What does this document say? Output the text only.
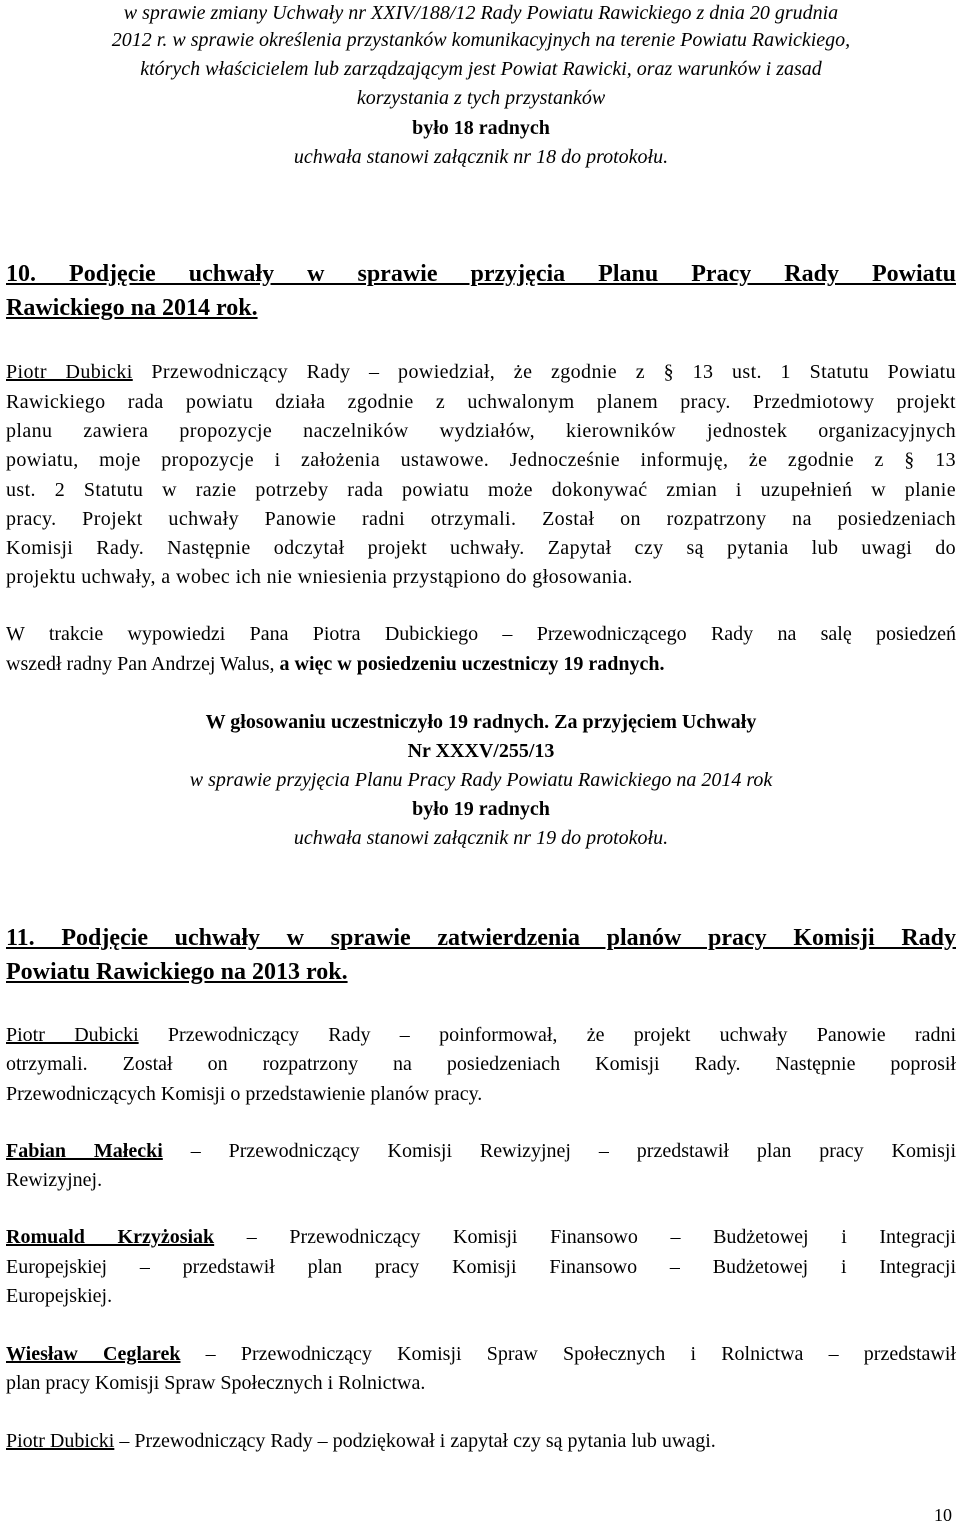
w sprawie zmiany Uchwały nr XXIV/188/12 Rady Powiatu Rawickiego z dnia 20 grudnia
2012 r. w sprawie określenia przystanków komunikacyjnych na terenie Powiatu Rawickiego,
których właścicielem lub zarządzającym jest Powiat Rawicki, oraz warunków i zasad
korzystania z tych przystanków
było 18 radnych
uchwała stanowi załącznik nr 18 do protokołu.
10. Podjęcie uchwały w sprawie przyjęcia Planu Pracy Rady Powiatu
Rawickiego na 2014 rok.
Piotr Dubicki Przewodniczący Rady – powiedział, że zgodnie z § 13 ust. 1 Statutu Powiatu
Rawickiego rada powiatu działa zgodnie z uchwalonym planem pracy. Przedmiotowy projekt
planu zawiera propozycje naczelników wydziałów, kierowników jednostek organizacyjnych
powiatu, moje propozycje i założenia ustawowe. Jednocześnie informuję, że zgodnie z § 13
ust. 2 Statutu w razie potrzeby rada powiatu może dokonywać zmian i uzupełnień w planie
pracy. Projekt uchwały Panowie radni otrzymali. Został on rozpatrzony na posiedzeniach
Komisji Rady. Następnie odczytał projekt uchwały. Zapytał czy są pytania lub uwagi do
projektu uchwały, a wobec ich nie wniesienia przystąpiono do głosowania.
W trakcie wypowiedzi Pana Piotra Dubickiego – Przewodniczącego Rady na salę posiedzeń
wszedł radny Pan Andrzej Walus, a więc w posiedzeniu uczestniczy 19 radnych.
W głosowaniu uczestniczyło 19 radnych. Za przyjęciem Uchwały
Nr XXXV/255/13
w sprawie przyjęcia Planu Pracy Rady Powiatu Rawickiego na 2014 rok
było 19 radnych
uchwała stanowi załącznik nr 19 do protokołu.
11. Podjęcie uchwały w sprawie zatwierdzenia planów pracy Komisji Rady
Powiatu Rawickiego na 2013 rok.
Piotr Dubicki Przewodniczący Rady – poinformował, że projekt uchwały Panowie radni
otrzymali. Został on rozpatrzony na posiedzeniach Komisji Rady. Następnie poprosił
Przewodniczących Komisji o przedstawienie planów pracy.
Fabian Małecki – Przewodniczący Komisji Rewizyjnej – przedstawił plan pracy Komisji
Rewizyjnej.
Romuald Krzyżosiak – Przewodniczący Komisji Finansowo – Budżetowej i Integracji
Europejskiej – przedstawił plan pracy Komisji Finansowo – Budżetowej i Integracji
Europejskiej.
Wiesław Ceglarek – Przewodniczący Komisji Spraw Społecznych i Rolnictwa – przedstawił
plan pracy Komisji Spraw Społecznych i Rolnictwa.
Piotr Dubicki – Przewodniczący Rady – podziękował i zapytał czy są pytania lub uwagi.
10
